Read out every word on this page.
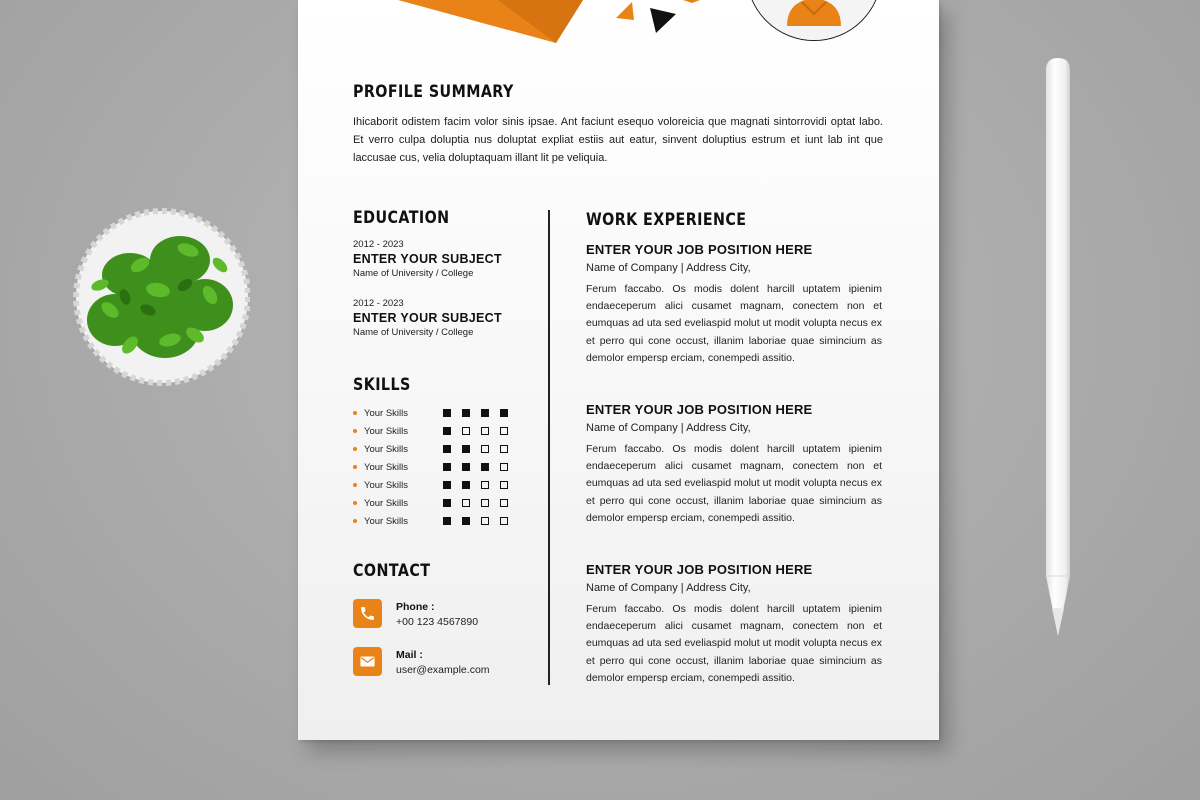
PROFILE SUMMARY

Ihicaborit odistem facim volor sinis ipsae. Ant faciunt esequo voloreicia que magnati sintorrovidi optat labo. Et verro culpa doluptia nus doluptat expliat estiis aut eatur, sinvent doluptius estrum et iunt lab int que laccusae cus, velia doluptaquam illant lit pe veliquia.

EDUCATION
2012 - 2023
ENTER YOUR SUBJECT
Name of University / College
2012 - 2023
ENTER YOUR SUBJECT
Name of University / College
SKILLS
Your Skills
Your Skills
Your Skills
Your Skills
Your Skills
Your Skills
Your Skills
CONTACT
Phone :
+00 123 4567890
Mail :
user@example.com
WORK EXPERIENCE
ENTER YOUR JOB POSITION HERE
Name of Company | Address City,

Ferum faccabo. Os modis dolent harcill uptatem ipienim endaeceperum alici cusamet magnam, conectem non et eumquas ad uta sed eveliaspid molut ut modit volupta necus ex et perro qui cone occust, illanim laboriae quae simincium as demolor empersp erciam, conempedi assitio.

ENTER YOUR JOB POSITION HERE
Name of Company | Address City,

Ferum faccabo. Os modis dolent harcill uptatem ipienim endaeceperum alici cusamet magnam, conectem non et eumquas ad uta sed eveliaspid molut ut modit volupta necus ex et perro qui cone occust, illanim laboriae quae simincium as demolor empersp erciam, conempedi assitio.

ENTER YOUR JOB POSITION HERE
Name of Company | Address City,

Ferum faccabo. Os modis dolent harcill uptatem ipienim endaeceperum alici cusamet magnam, conectem non et eumquas ad uta sed eveliaspid molut ut modit volupta necus ex et perro qui cone occust, illanim laboriae quae simincium as demolor empersp erciam, conempedi assitio.
